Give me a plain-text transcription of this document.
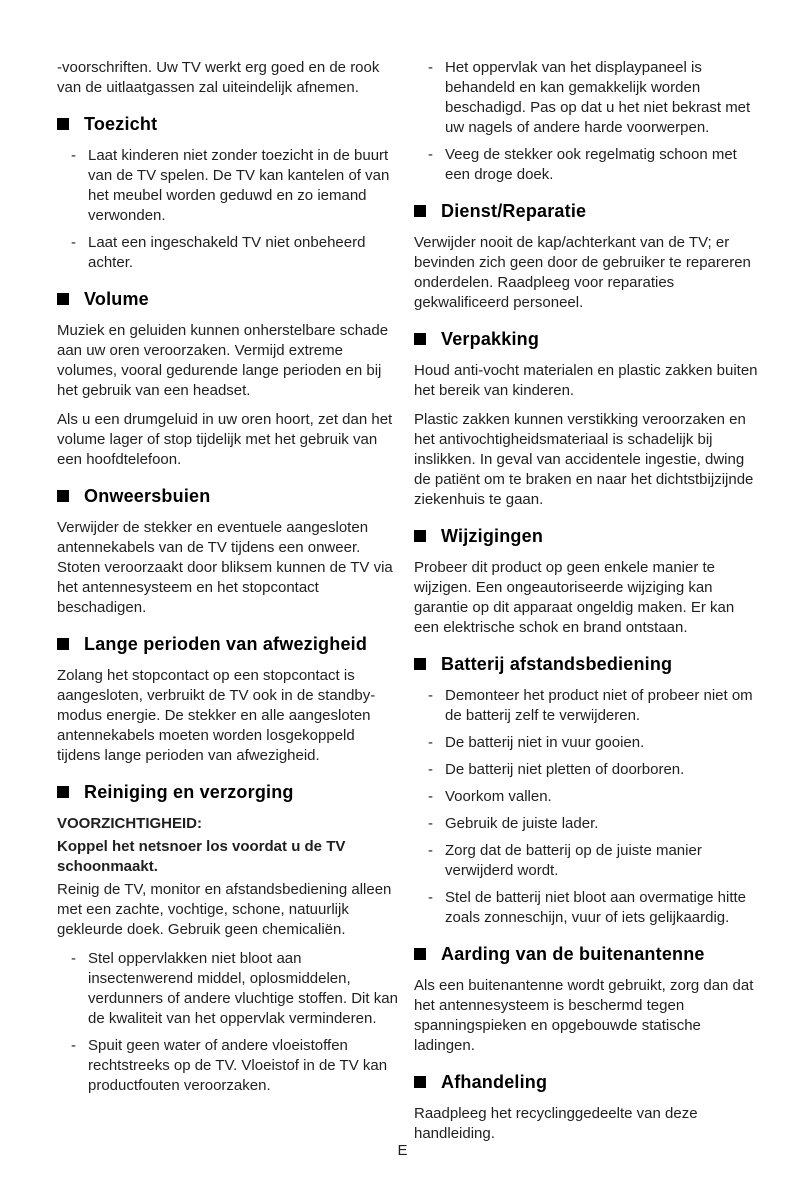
-voorschriften. Uw TV werkt erg goed en de rook van de uitlaatgassen zal uiteindelijk afnemen.

Toezicht
- Laat kinderen niet zonder toezicht in de buurt van de TV spelen. De TV kan kantelen of van het meubel worden geduwd en zo iemand verwonden.
- Laat een ingeschakeld TV niet onbeheerd achter.
Volume

Muziek en geluiden kunnen onherstelbare schade aan uw oren veroorzaken. Vermijd extreme volumes, vooral gedurende lange perioden en bij het gebruik van een headset.

Als u een drumgeluid in uw oren hoort, zet dan het volume lager of stop tijdelijk met het gebruik van een hoofdtelefoon.

Onweersbuien

Verwijder de stekker en eventuele aangesloten antennekabels van de TV tijdens een onweer. Stoten veroorzaakt door bliksem kunnen de TV via het antennesysteem en het stopcontact beschadigen.

Lange perioden van afwezigheid

Zolang het stopcontact op een stopcontact is aangesloten, verbruikt de TV ook in de standby-modus energie. De stekker en alle aangesloten antennekabels moeten worden losgekoppeld tijdens lange perioden van afwezigheid.

Reiniging en verzorging

VOORZICHTIGHEID:

Koppel het netsnoer los voordat u de TV schoonmaakt.

Reinig de TV, monitor en afstandsbediening alleen met een zachte, vochtige, schone, natuurlijk gekleurde doek. Gebruik geen chemicaliën.

- Stel oppervlakken niet bloot aan insectenwerend middel, oplosmiddelen, verdunners of andere vluchtige stoffen. Dit kan de kwaliteit van het oppervlak verminderen.
- Spuit geen water of andere vloeistoffen rechtstreeks op de TV. Vloeistof in de TV kan productfouten veroorzaken.
- Het oppervlak van het displaypaneel is behandeld en kan gemakkelijk worden beschadigd. Pas op dat u het niet bekrast met uw nagels of andere harde voorwerpen.
- Veeg de stekker ook regelmatig schoon met een droge doek.
Dienst/Reparatie

Verwijder nooit de kap/achterkant van de TV; er bevinden zich geen door de gebruiker te repareren onderdelen. Raadpleeg voor reparaties gekwalificeerd personeel.

Verpakking

Houd anti-vocht materialen en plastic zakken buiten het bereik van kinderen.

Plastic zakken kunnen verstikking veroorzaken en het antivochtigheidsmateriaal is schadelijk bij inslikken. In geval van accidentele ingestie, dwing de patiënt om te braken en naar het dichtstbijzijnde ziekenhuis te gaan.

Wijzigingen

Probeer dit product op geen enkele manier te wijzigen. Een ongeautoriseerde wijziging kan garantie op dit apparaat ongeldig maken. Er kan een elektrische schok en brand ontstaan.

Batterij afstandsbediening
- Demonteer het product niet of probeer niet om de batterij zelf te verwijderen.
- De batterij niet in vuur gooien.
- De batterij niet pletten of doorboren.
- Voorkom vallen.
- Gebruik de juiste lader.
- Zorg dat de batterij op de juiste manier verwijderd wordt.
- Stel de batterij niet bloot aan overmatige hitte zoals zonneschijn, vuur of iets gelijkaardig.
Aarding van de buitenantenne

Als een buitenantenne wordt gebruikt, zorg dan dat het antennesysteem is beschermd tegen spanningspieken en opgebouwde statische ladingen.

Afhandeling

Raadpleeg het recyclinggedeelte van deze handleiding.

E
